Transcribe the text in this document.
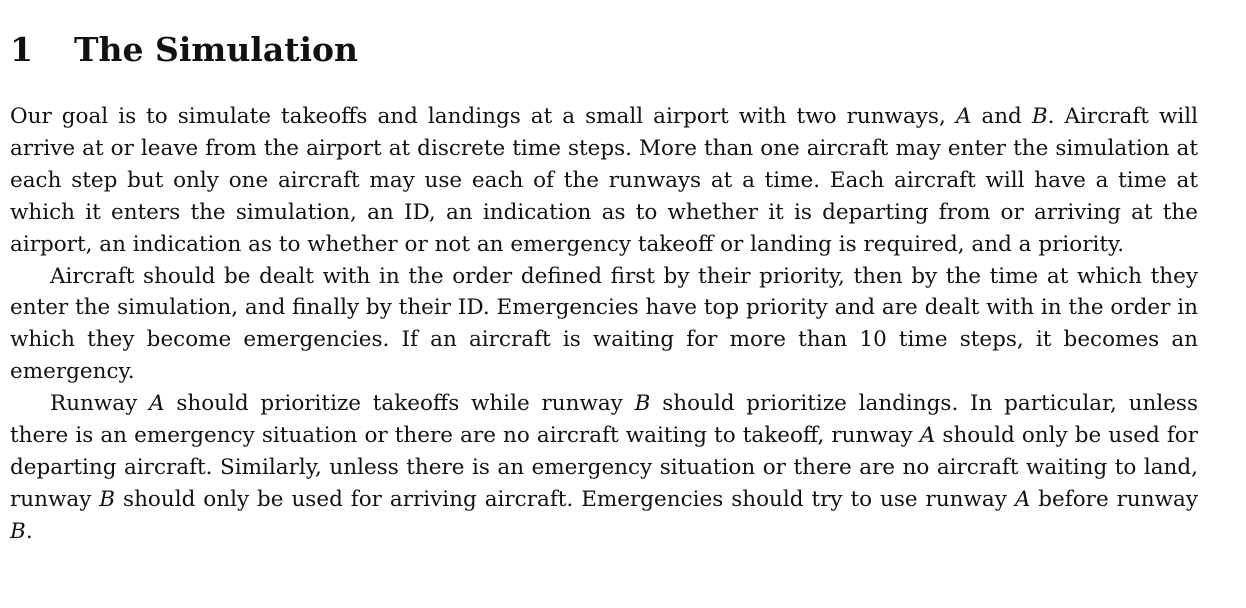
1	The Simulation

Our goal is to simulate takeoffs and landings at a small airport with two runways, A and B. Aircraft will arrive at or leave from the airport at discrete time steps. More than one aircraft may enter the simulation at each step but only one aircraft may use each of the runways at a time. Each aircraft will have a time at which it enters the simulation, an ID, an indication as to whether it is departing from or arriving at the airport, an indication as to whether or not an emergency takeoff or landing is required, and a priority.

Aircraft should be dealt with in the order defined first by their priority, then by the time at which they enter the simulation, and finally by their ID. Emergencies have top priority and are dealt with in the order in which they become emergencies. If an aircraft is waiting for more than 10 time steps, it becomes an emergency.

Runway A should prioritize takeoffs while runway B should prioritize landings. In particular, unless there is an emergency situation or there are no aircraft waiting to takeoff, runway A should only be used for departing aircraft. Similarly, unless there is an emergency situation or there are no aircraft waiting to land, runway B should only be used for arriving aircraft. Emergencies should try to use runway A before runway B.
